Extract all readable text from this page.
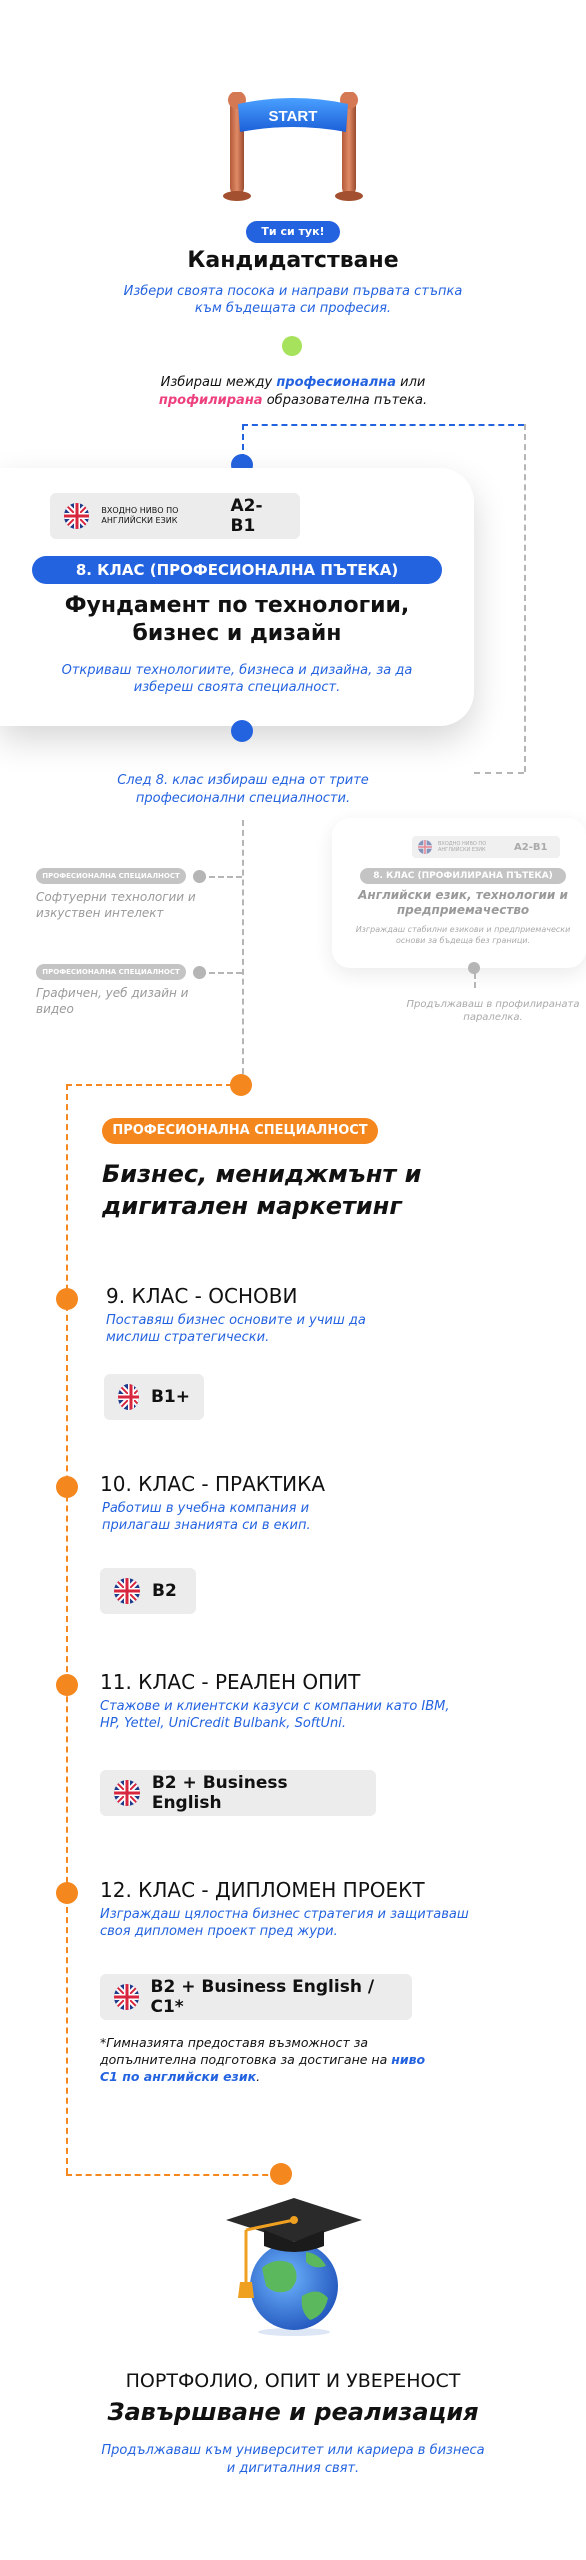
START
Ти си тук!
Кандидатстване
Избери своята посока и направи първата стъпка към бъдещата си професия.
Избираш между професионална или профилирана образователна пътека.
ВХОДНО НИВО ПО АНГЛИЙСКИ ЕЗИК
A2-B1
8. КЛАС (ПРОФЕСИОНАЛНА ПЪТЕКА)
Фундамент по технологии, бизнес и дизайн
Откриваш технологиите, бизнеса и дизайна, за да избереш своята специалност.
След 8. клас избираш една от трите професионални специалности.
ПРОФЕСИОНАЛНА СПЕЦИАЛНОСТ
Софтуерни технологии и изкуствен интелект
ПРОФЕСИОНАЛНА СПЕЦИАЛНОСТ
Графичен, уеб дизайн и видео
ВХОДНО НИВО ПО АНГЛИЙСКИ ЕЗИК	A2-B1
8. КЛАС (ПРОФИЛИРАНА ПЪТЕКА)
Английски език, технологии и предприемачество
Изграждаш стабилни езикови и предприемачески основи за бъдеща без граници.
Продължаваш в профилираната паралелка.
ПРОФЕСИОНАЛНА СПЕЦИАЛНОСТ
Бизнес, мениджмънт и дигитален маркетинг
9. КЛАС - ОСНОВИ
Поставяш бизнес основите и учиш да мислиш стратегически.
B1+
10. КЛАС - ПРАКТИКА
Работиш в учебна компания и прилагаш знанията си в екип.
B2
11. КЛАС - РЕАЛЕН ОПИТ
Стажове и клиентски казуси с компании като IBM, HP, Yettel, UniCredit Bulbank, SoftUni.
B2 + Business English
12. КЛАС - ДИПЛОМЕН ПРОЕКТ
Изграждаш цялостна бизнес стратегия и защитаваш своя дипломен проект пред жури.
B2 + Business English / C1*
*Гимназията предоставя възможност за допълнителна подготовка за достигане на ниво C1 по английски език.
ПОРТФОЛИО, ОПИТ И УВЕРЕНОСТ
Завършване и реализация
Продължаваш към университет или кариера в бизнеса и дигиталния свят.
